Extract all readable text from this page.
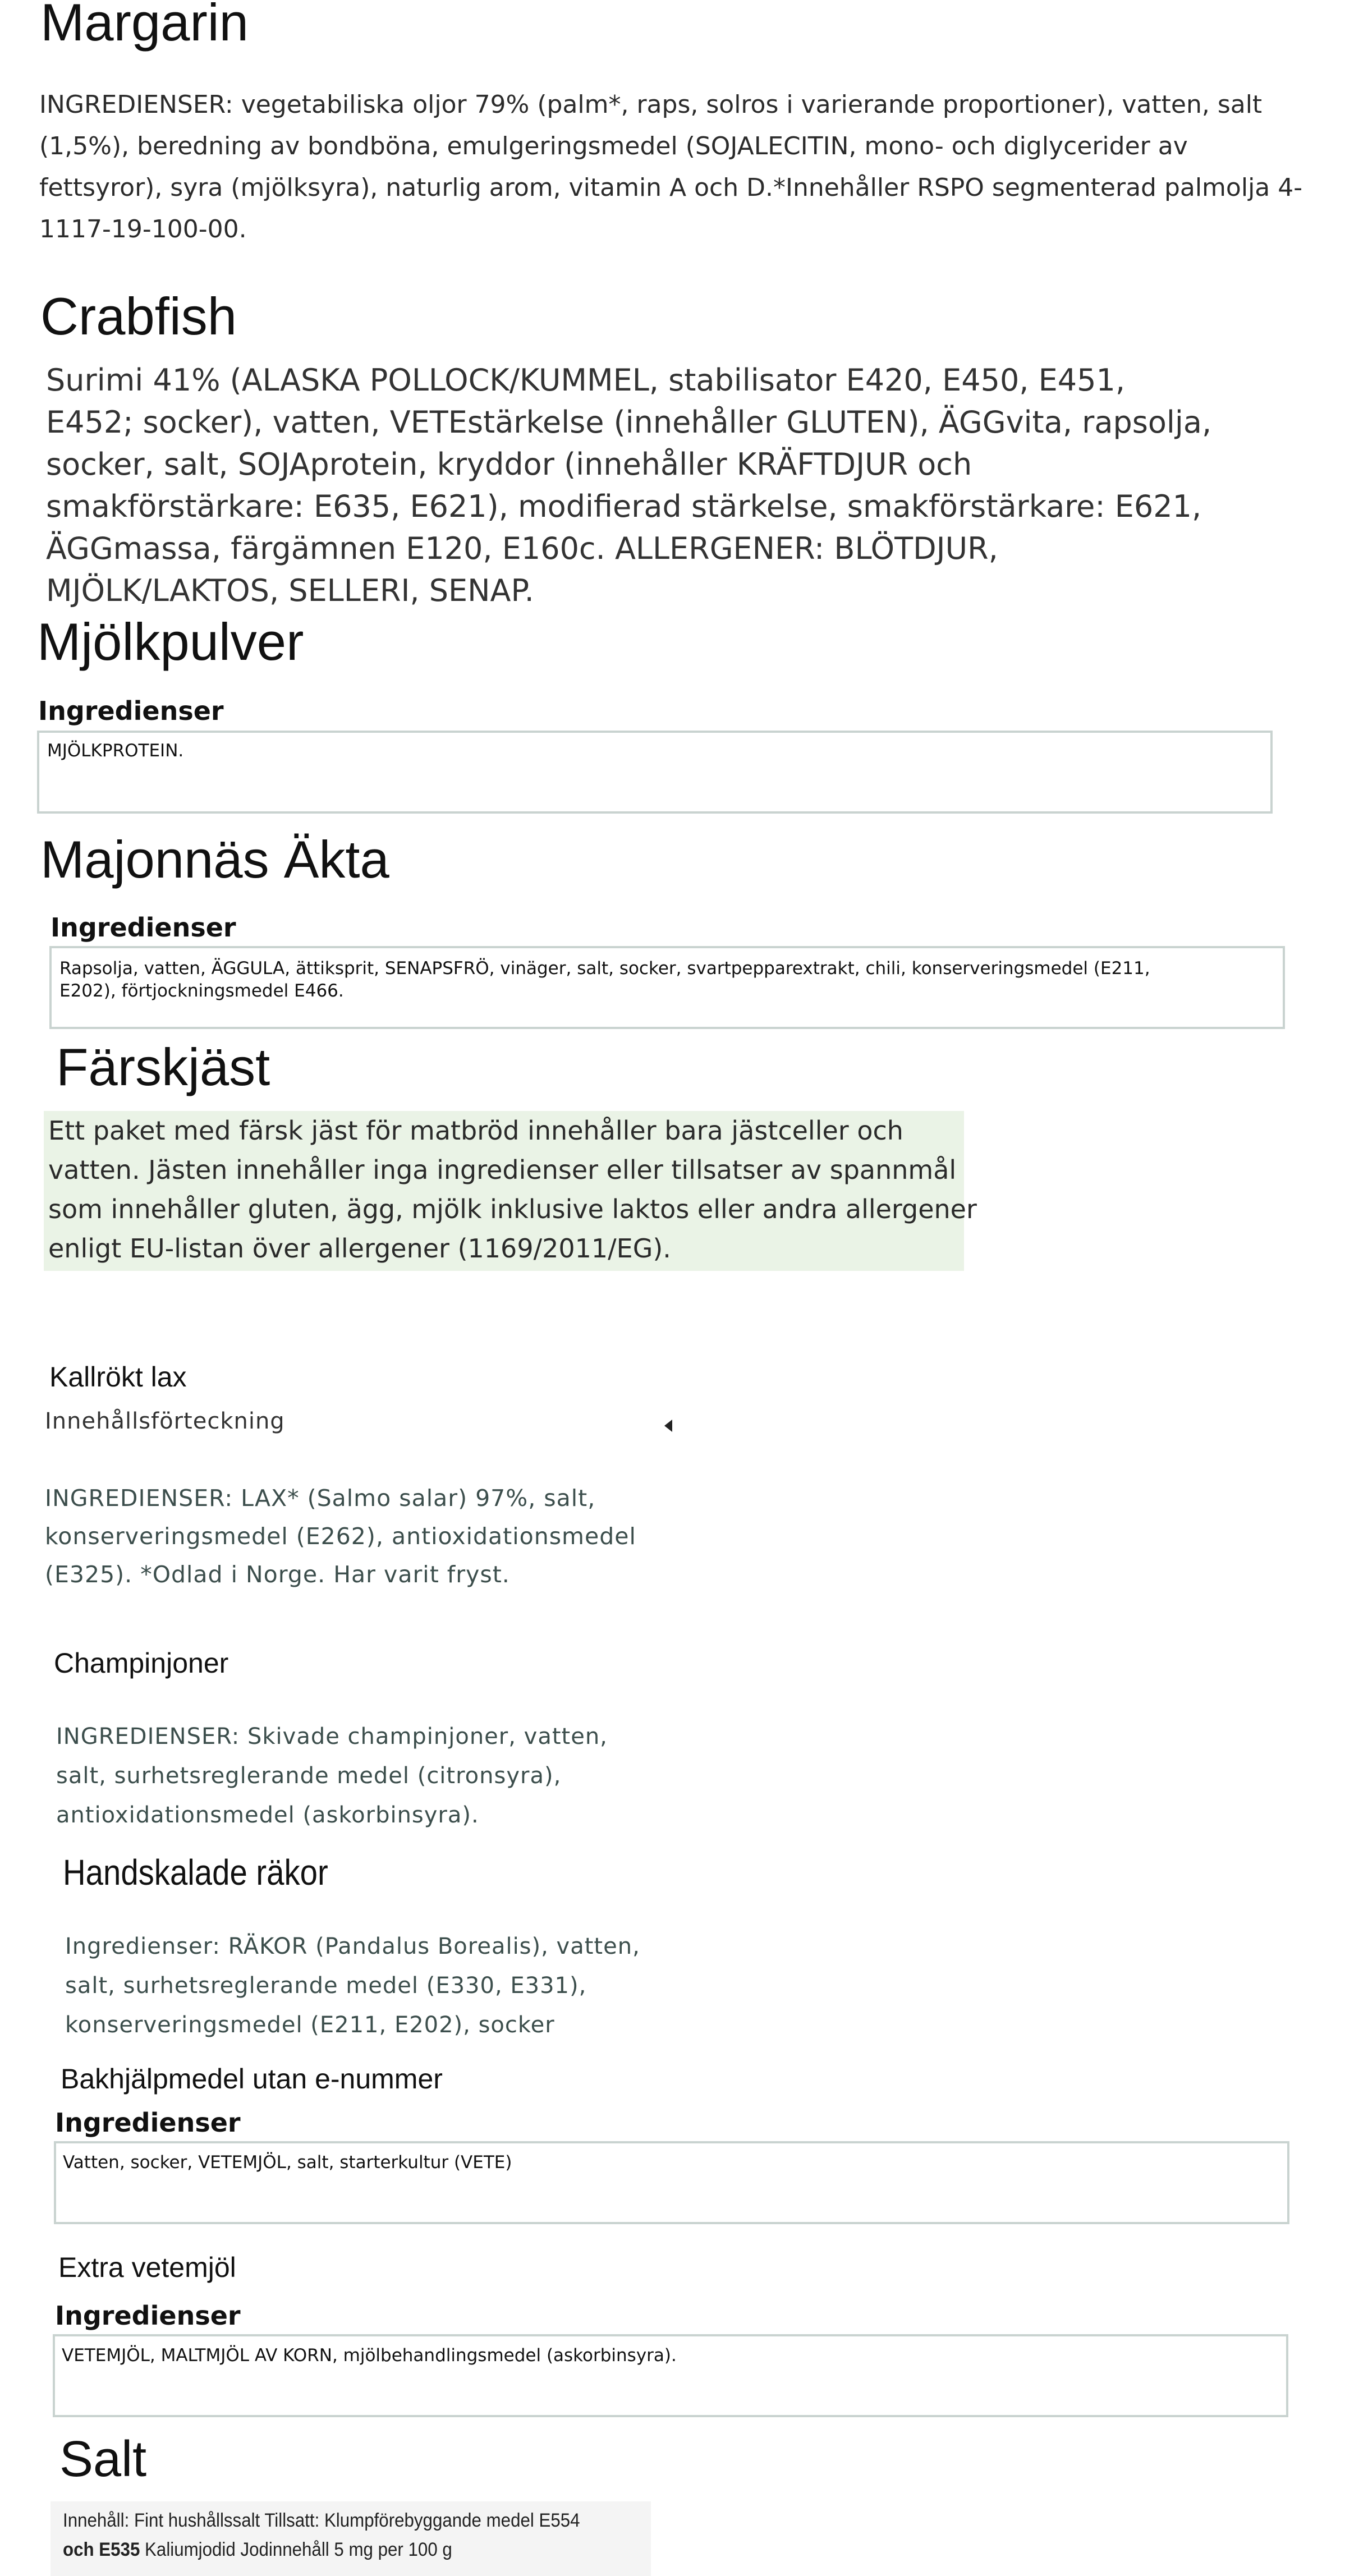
Margarin
INGREDIENSER: vegetabiliska oljor 79% (palm*, raps, solros i varierande proportioner), vatten, salt
(1,5%), beredning av bondböna, emulgeringsmedel (SOJALECITIN, mono- och diglycerider av
fettsyror), syra (mjölksyra), naturlig arom, vitamin A och D.*Innehåller RSPO segmenterad palmolja 4-
1117-19-100-00.
Crabfish
Surimi 41% (ALASKA POLLOCK/KUMMEL, stabilisator E420, E450, E451,
E452; socker), vatten, VETEstärkelse (innehåller GLUTEN), ÄGGvita, rapsolja,
socker, salt, SOJAprotein, kryddor (innehåller KRÄFTDJUR och
smakförstärkare: E635, E621), modifierad stärkelse, smakförstärkare: E621,
ÄGGmassa, färgämnen E120, E160c. ALLERGENER: BLÖTDJUR,
MJÖLK/LAKTOS, SELLERI, SENAP.
Mjölkpulver
Ingredienser
MJÖLKPROTEIN.
Majonnäs Äkta
Ingredienser
Rapsolja, vatten, ÄGGULA, ättiksprit, SENAPSFRÖ, vinäger, salt, socker, svartpepparextrakt, chili, konserveringsmedel (E211,
E202), förtjockningsmedel E466.
Färskjäst
Ett paket med färsk jäst för matbröd innehåller bara jästceller och
vatten. Jästen innehåller inga ingredienser eller tillsatser av spannmål
som innehåller gluten, ägg, mjölk inklusive laktos eller andra allergener
enligt EU-listan över allergener (1169/2011/EG).
Kallrökt lax
Innehållsförteckning
INGREDIENSER: LAX* (Salmo salar) 97%, salt,
konserveringsmedel (E262), antioxidationsmedel
(E325). *Odlad i Norge. Har varit fryst.
Champinjoner
INGREDIENSER: Skivade champinjoner, vatten,
salt, surhetsreglerande medel (citronsyra),
antioxidationsmedel (askorbinsyra).
Handskalade räkor
Ingredienser: RÄKOR (Pandalus Borealis), vatten,
salt, surhetsreglerande medel (E330, E331),
konserveringsmedel (E211, E202), socker
Bakhjälpmedel utan e-nummer
Ingredienser
Vatten, socker, VETEMJÖL, salt, starterkultur (VETE)
Extra vetemjöl
Ingredienser
VETEMJÖL, MALTMJÖL AV KORN, mjölbehandlingsmedel (askorbinsyra).
Salt
Innehåll: Fint hushållssalt Tillsatt: Klumpförebyggande medel E554
och E535 Kaliumjodid Jodinnehåll 5 mg per 100 g
